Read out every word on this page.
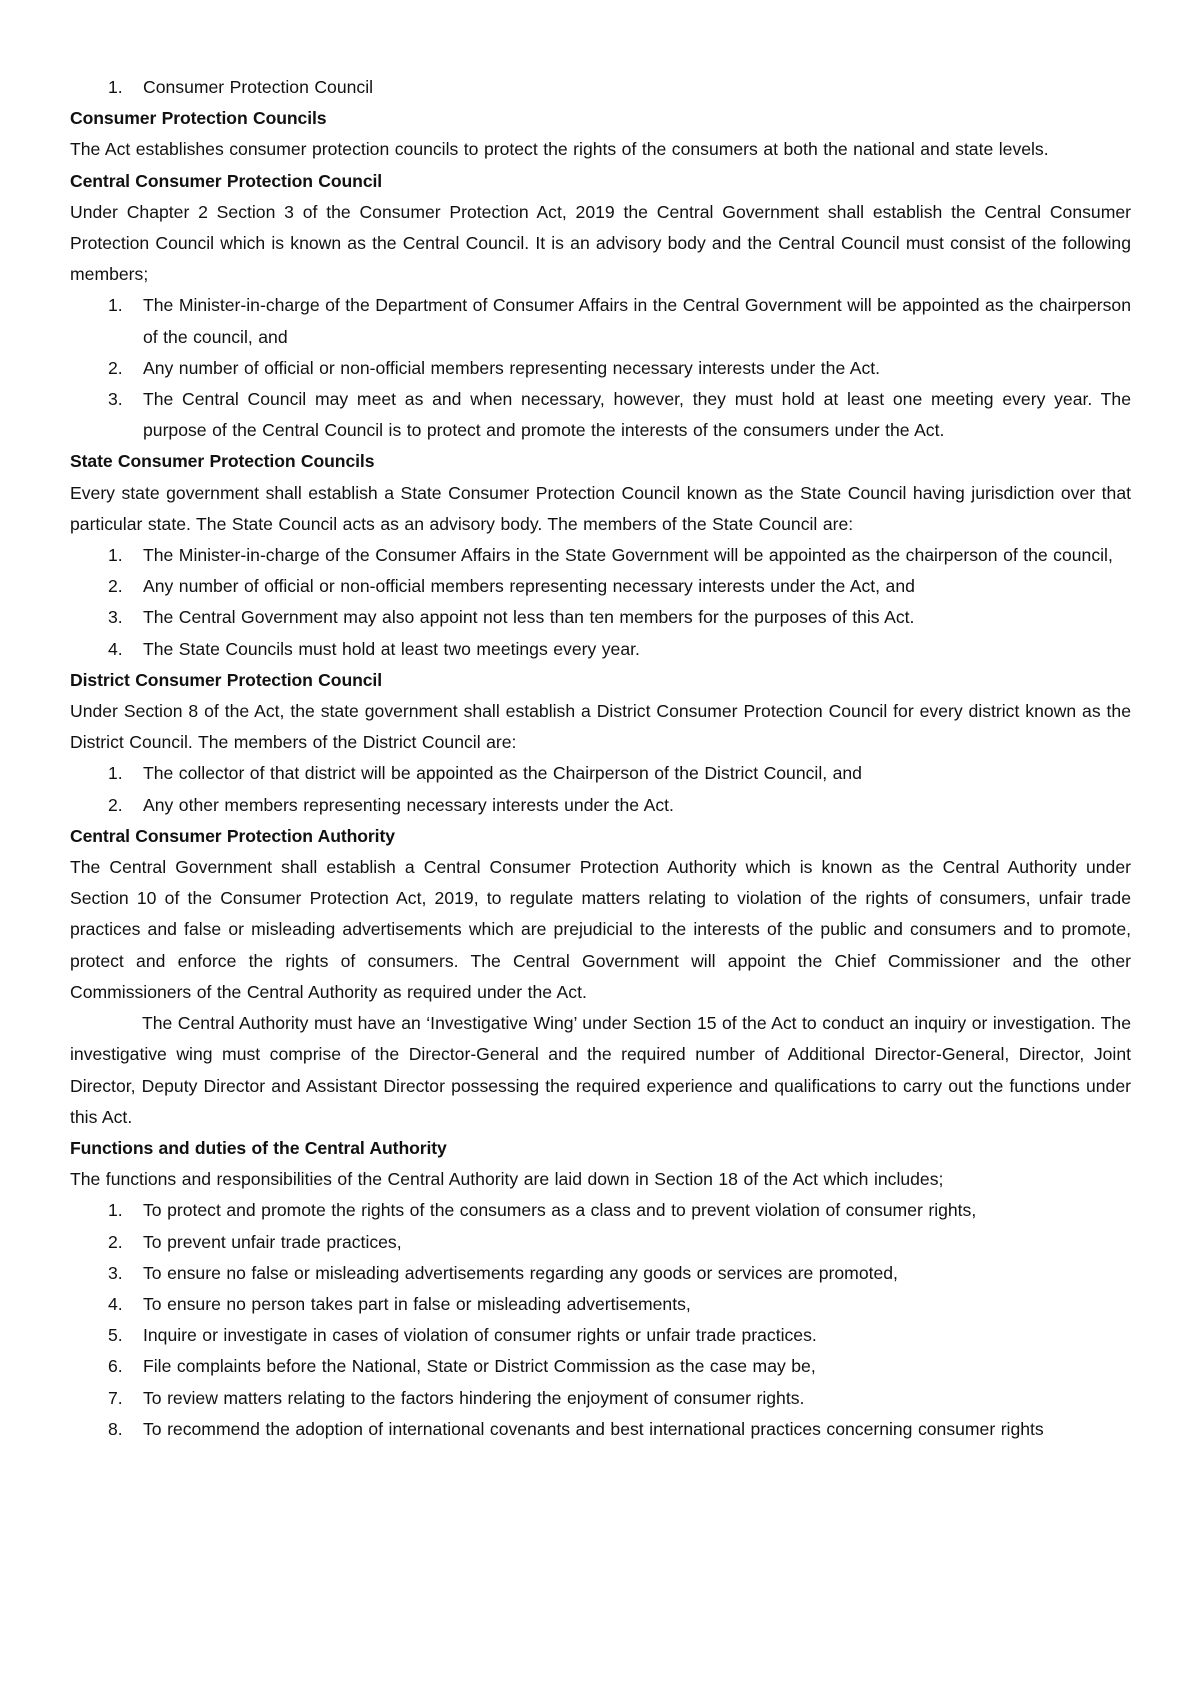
1. Consumer Protection Council

Consumer Protection Councils

The Act establishes consumer protection councils to protect the rights of the consumers at both the national and state levels.

Central Consumer Protection Council

Under Chapter 2 Section 3 of the Consumer Protection Act, 2019 the Central Government shall establish the Central Consumer Protection Council which is known as the Central Council. It is an advisory body and the Central Council must consist of the following members;

1. The Minister-in-charge of the Department of Consumer Affairs in the Central Government will be appointed as the chairperson of the council, and
2. Any number of official or non-official members representing necessary interests under the Act.
3. The Central Council may meet as and when necessary, however, they must hold at least one meeting every year. The purpose of the Central Council is to protect and promote the interests of the consumers under the Act.

State Consumer Protection Councils

Every state government shall establish a State Consumer Protection Council known as the State Council having jurisdiction over that particular state. The State Council acts as an advisory body. The members of the State Council are:

1. The Minister-in-charge of the Consumer Affairs in the State Government will be appointed as the chairperson of the council,
2. Any number of official or non-official members representing necessary interests under the Act, and
3. The Central Government may also appoint not less than ten members for the purposes of this Act.
4. The State Councils must hold at least two meetings every year.

District Consumer Protection Council

Under Section 8 of the Act, the state government shall establish a District Consumer Protection Council for every district known as the District Council. The members of the District Council are:

1. The collector of that district will be appointed as the Chairperson of the District Council, and
2. Any other members representing necessary interests under the Act.

Central Consumer Protection Authority

The Central Government shall establish a Central Consumer Protection Authority which is known as the Central Authority under Section 10 of the Consumer Protection Act, 2019, to regulate matters relating to violation of the rights of consumers, unfair trade practices and false or misleading advertisements which are prejudicial to the interests of the public and consumers and to promote, protect and enforce the rights of consumers. The Central Government will appoint the Chief Commissioner and the other Commissioners of the Central Authority as required under the Act.

The Central Authority must have an ‘Investigative Wing’ under Section 15 of the Act to conduct an inquiry or investigation. The investigative wing must comprise of the Director-General and the required number of Additional Director-General, Director, Joint Director, Deputy Director and Assistant Director possessing the required experience and qualifications to carry out the functions under this Act.

Functions and duties of the Central Authority

The functions and responsibilities of the Central Authority are laid down in Section 18 of the Act which includes;

1. To protect and promote the rights of the consumers as a class and to prevent violation of consumer rights,
2. To prevent unfair trade practices,
3. To ensure no false or misleading advertisements regarding any goods or services are promoted,
4. To ensure no person takes part in false or misleading advertisements,
5. Inquire or investigate in cases of violation of consumer rights or unfair trade practices.
6. File complaints before the National, State or District Commission as the case may be,
7. To review matters relating to the factors hindering the enjoyment of consumer rights.
8. To recommend the adoption of international covenants and best international practices concerning consumer rights
